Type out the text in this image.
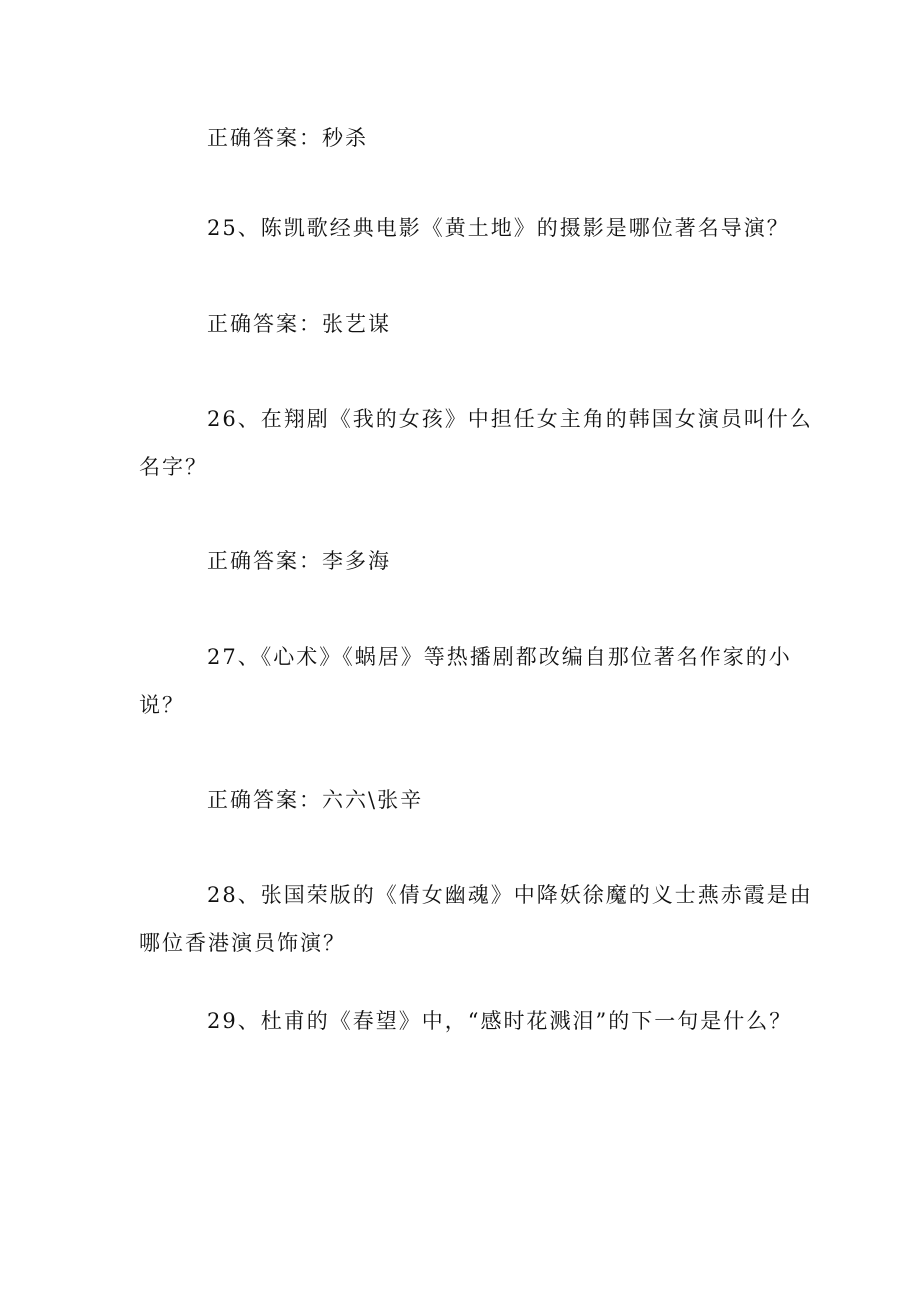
正确答案：秒杀
25、陈凯歌经典电影《黄土地》的摄影是哪位著名导演？
正确答案：张艺谋
26、在翔剧《我的女孩》中担任女主角的韩国女演员叫什么
名字？
正确答案：李多海
27、《心术》《蜗居》等热播剧都改编自那位著名作家的小
说？
正确答案：六六\张辛
28、张国荣版的《倩女幽魂》中降妖徐魔的义士燕赤霞是由
哪位香港演员饰演？
29、杜甫的《春望》中，“感时花溅泪”的下一句是什么？
